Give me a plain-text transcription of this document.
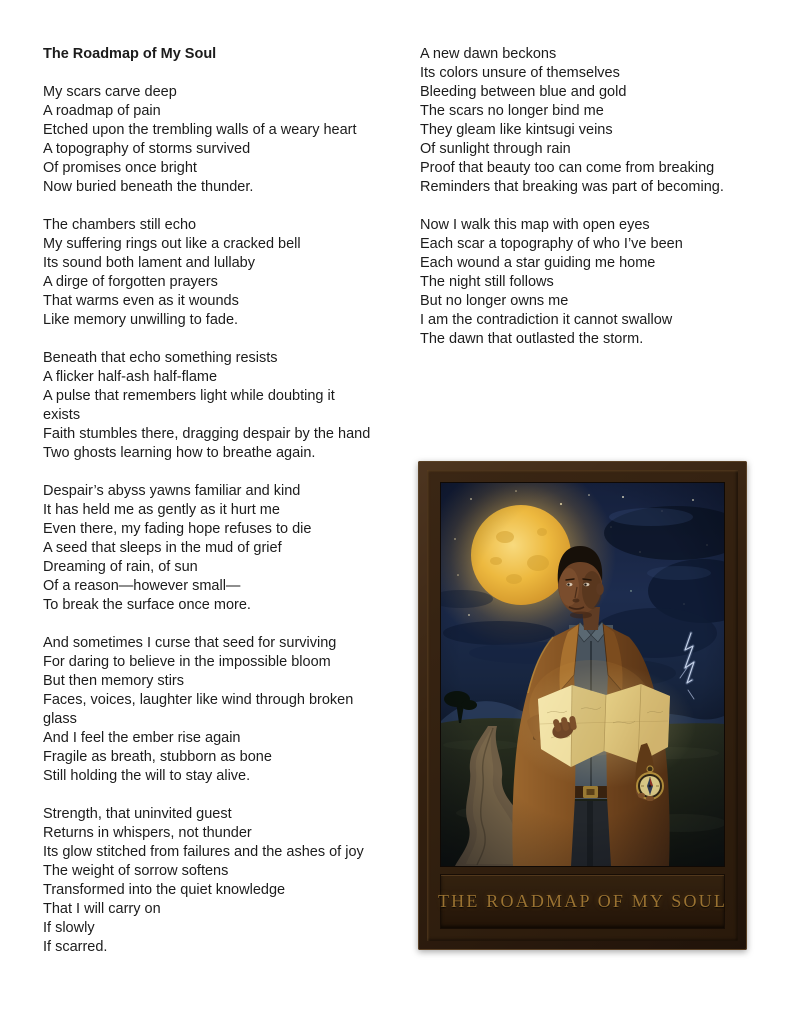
The Roadmap of My Soul
My scars carve deep
A roadmap of pain
Etched upon the trembling walls of a weary heart
A topography of storms survived
Of promises once bright
Now buried beneath the thunder.
The chambers still echo
My suffering rings out like a cracked bell
Its sound both lament and lullaby
A dirge of forgotten prayers
That warms even as it wounds
Like memory unwilling to fade.
Beneath that echo something resists
A flicker half-ash half-flame
A pulse that remembers light while doubting it
exists
Faith stumbles there, dragging despair by the hand
Two ghosts learning how to breathe again.
Despair’s abyss yawns familiar and kind
It has held me as gently as it hurt me
Even there, my fading hope refuses to die
A seed that sleeps in the mud of grief
Dreaming of rain, of sun
Of a reason—however small—
To break the surface once more.
And sometimes I curse that seed for surviving
For daring to believe in the impossible bloom
But then memory stirs
Faces, voices, laughter like wind through broken
glass
And I feel the ember rise again
Fragile as breath, stubborn as bone
Still holding the will to stay alive.
Strength, that uninvited guest
Returns in whispers, not thunder
Its glow stitched from failures and the ashes of joy
The weight of sorrow softens
Transformed into the quiet knowledge
That I will carry on
If slowly
If scarred.
A new dawn beckons
Its colors unsure of themselves
Bleeding between blue and gold
The scars no longer bind me
They gleam like kintsugi veins
Of sunlight through rain
Proof that beauty too can come from breaking
Reminders that breaking was part of becoming.
Now I walk this map with open eyes
Each scar a topography of who I’ve been
Each wound a star guiding me home
The night still follows
But no longer owns me
I am the contradiction it cannot swallow
The dawn that outlasted the storm.
THE ROADMAP OF MY SOUL
